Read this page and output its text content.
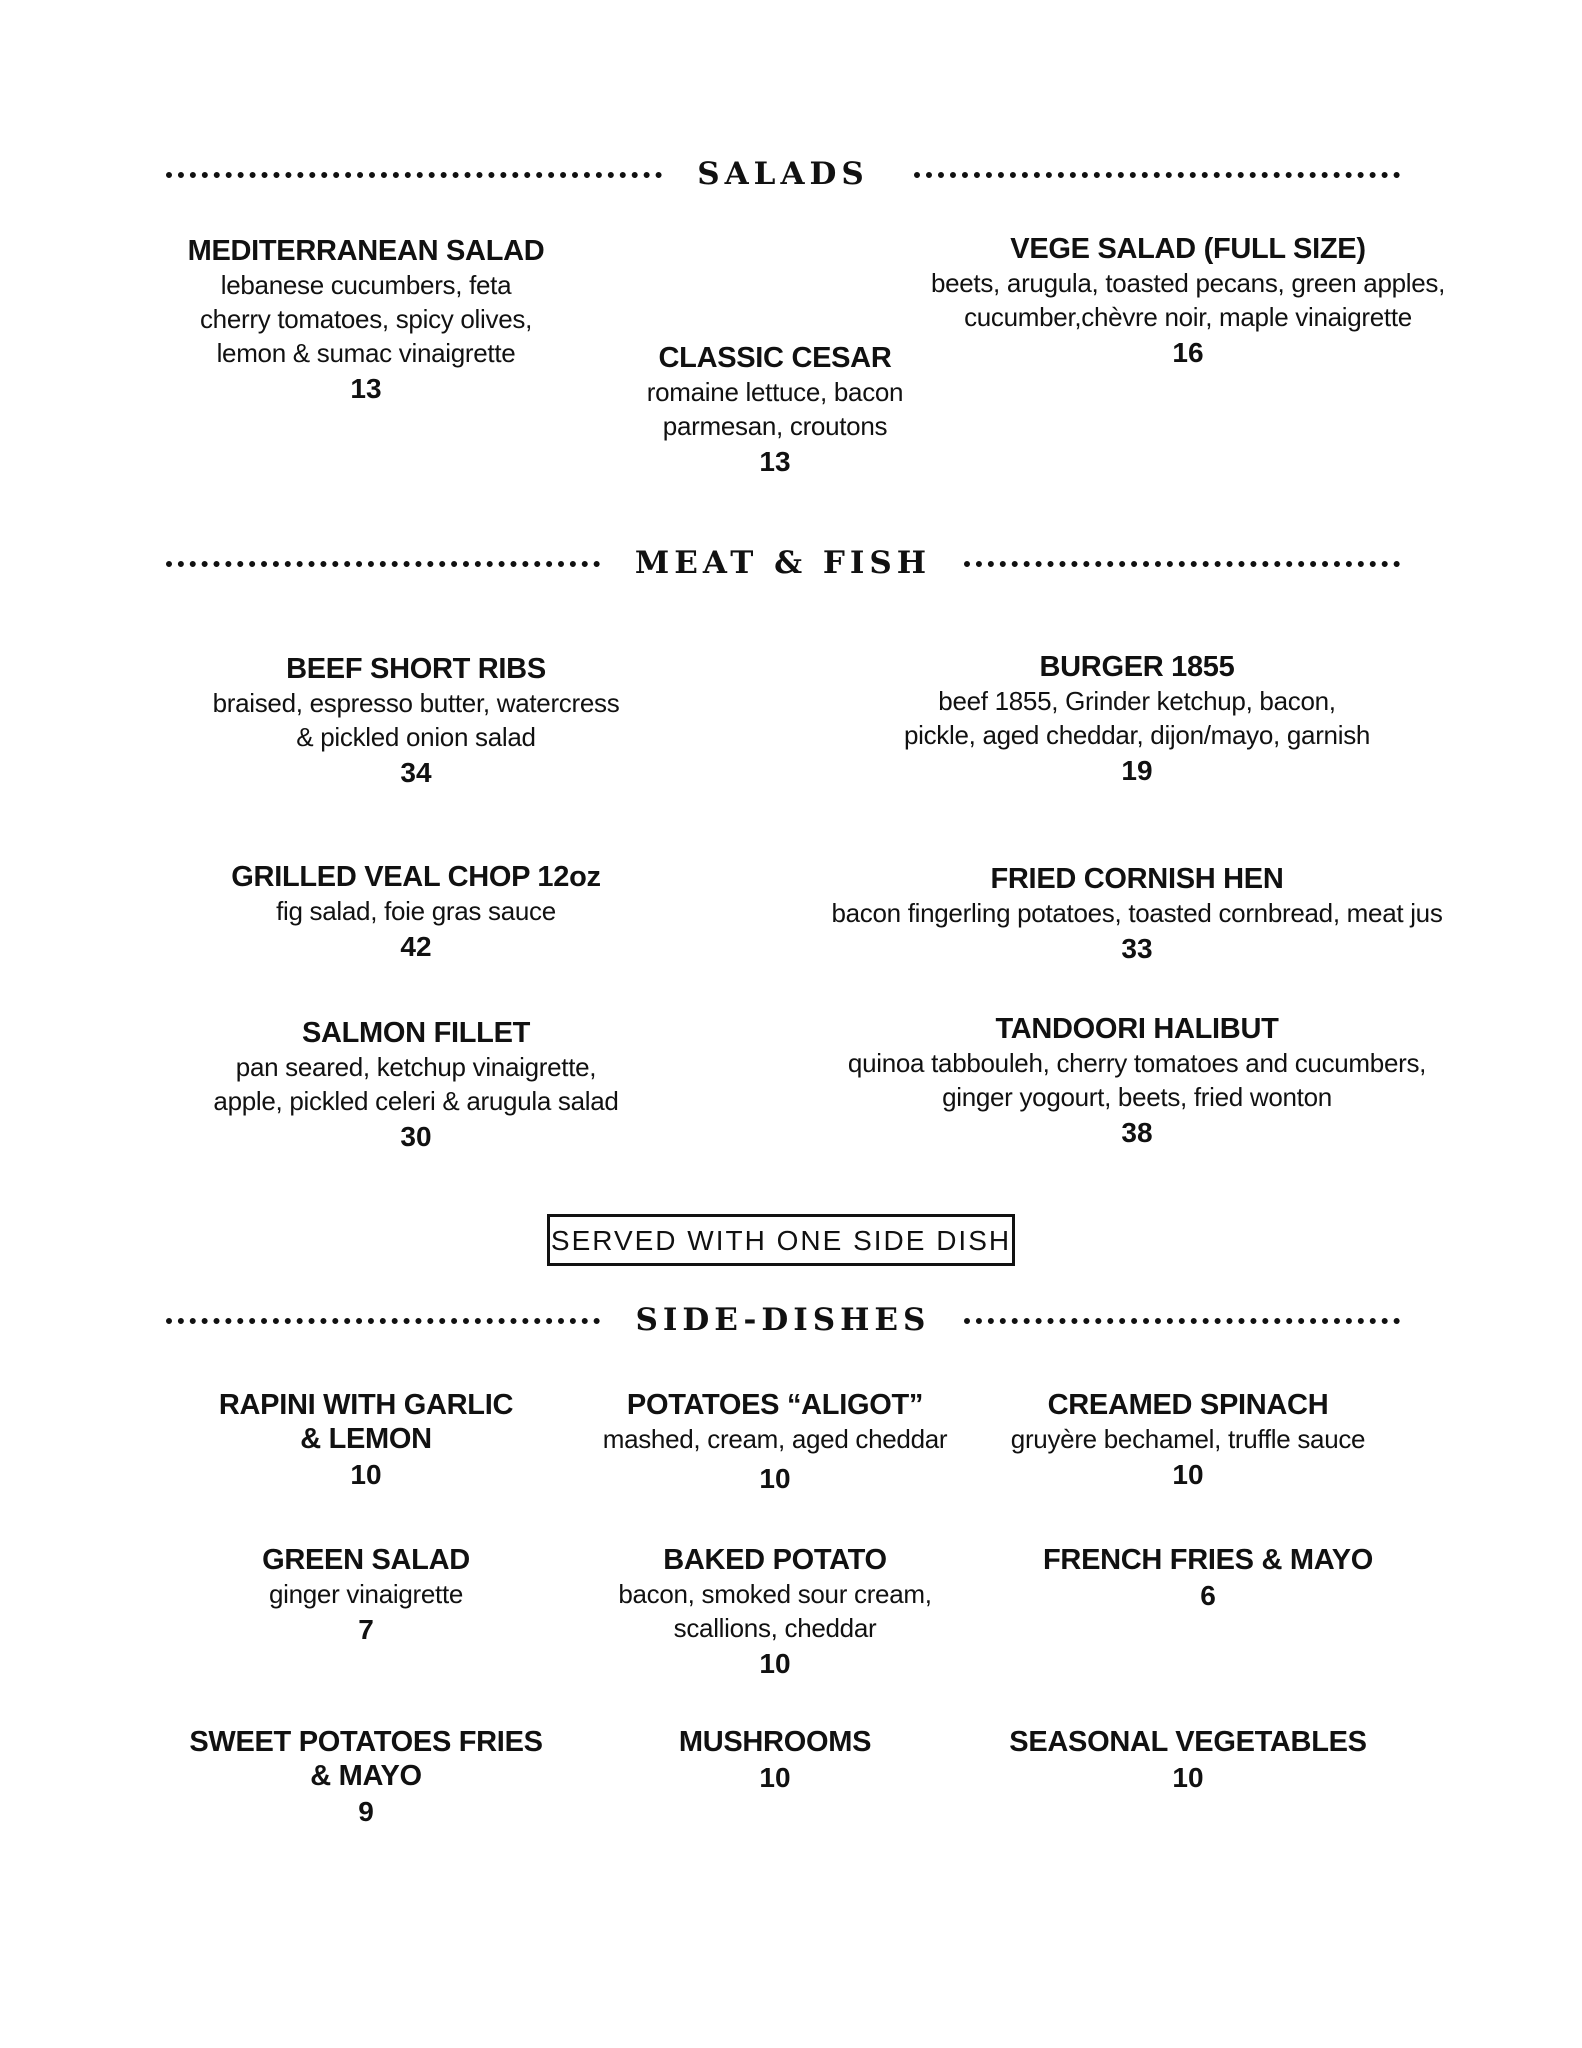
SALADS
MEDITERRANEAN SALAD
lebanese cucumbers, feta
cherry tomatoes, spicy olives,
lemon & sumac vinaigrette
13
CLASSIC CESAR
romaine lettuce, bacon
parmesan, croutons
13
VEGE SALAD (FULL SIZE)
beets, arugula, toasted pecans, green apples,
cucumber,chèvre noir, maple vinaigrette
16
MEAT & FISH
BEEF SHORT RIBS
braised, espresso butter, watercress
& pickled onion salad
34
BURGER 1855
beef 1855, Grinder ketchup, bacon,
pickle, aged cheddar, dijon/mayo, garnish
19
GRILLED VEAL CHOP 12oz
fig salad, foie gras sauce
42
FRIED CORNISH HEN
bacon fingerling potatoes, toasted cornbread, meat jus
33
SALMON FILLET
pan seared, ketchup vinaigrette,
apple, pickled celeri & arugula salad
30
TANDOORI HALIBUT
quinoa tabbouleh, cherry tomatoes and cucumbers,
ginger yogourt, beets, fried wonton
38
SERVED WITH ONE SIDE DISH
SIDE-DISHES
RAPINI WITH GARLIC
& LEMON
10
POTATOES “ALIGOT”
mashed, cream, aged cheddar
10
CREAMED SPINACH
gruyère bechamel, truffle sauce
10
GREEN SALAD
ginger vinaigrette
7
BAKED POTATO
bacon, smoked sour cream,
scallions, cheddar
10
FRENCH FRIES & MAYO
6
SWEET POTATOES FRIES
& MAYO
9
MUSHROOMS
10
SEASONAL VEGETABLES
10
